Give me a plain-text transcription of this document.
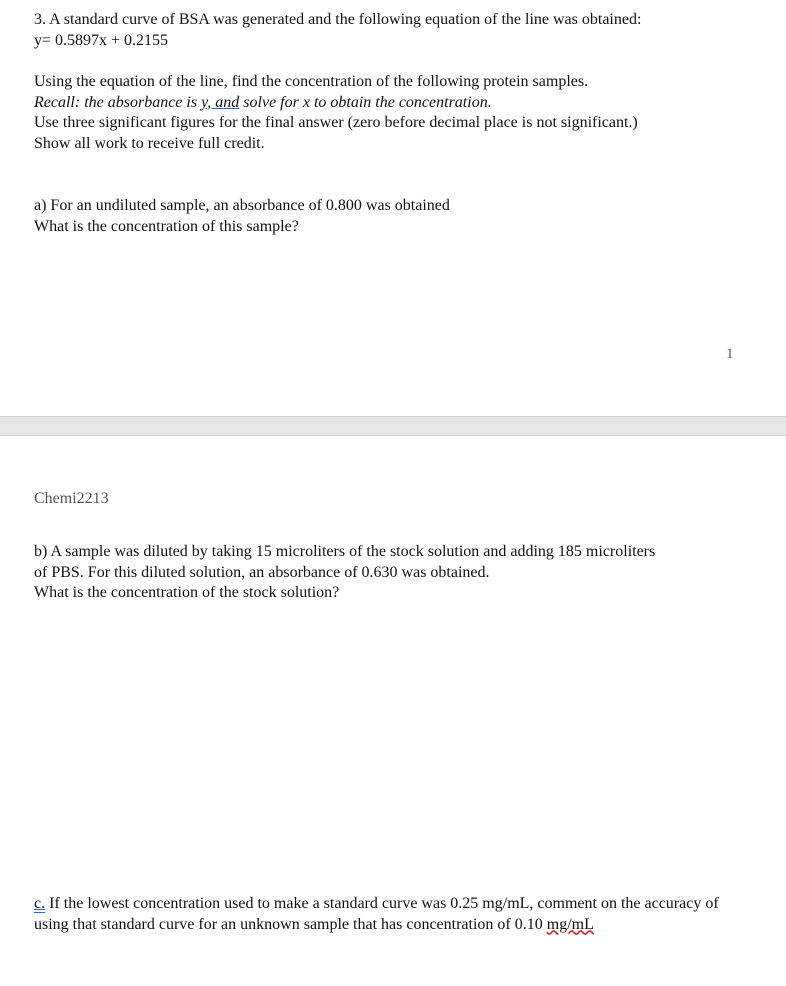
3. A standard curve of BSA was generated and the following equation of the line was obtained:
y= 0.5897x + 0.2155
Using the equation of the line, find the concentration of the following protein samples.
Recall: the absorbance is y, and solve for x to obtain the concentration.
Use three significant figures for the final answer (zero before decimal place is not significant.)
Show all work to receive full credit.
a) For an undiluted sample, an absorbance of 0.800 was obtained
What is the concentration of this sample?
1
Chemi2213
b) A sample was diluted by taking 15 microliters of the stock solution and adding 185 microliters
of PBS. For this diluted solution, an absorbance of 0.630 was obtained.
What is the concentration of the stock solution?
c. If the lowest concentration used to make a standard curve was 0.25 mg/mL, comment on the accuracy of using that standard curve for an unknown sample that has concentration of 0.10 mg/mL
